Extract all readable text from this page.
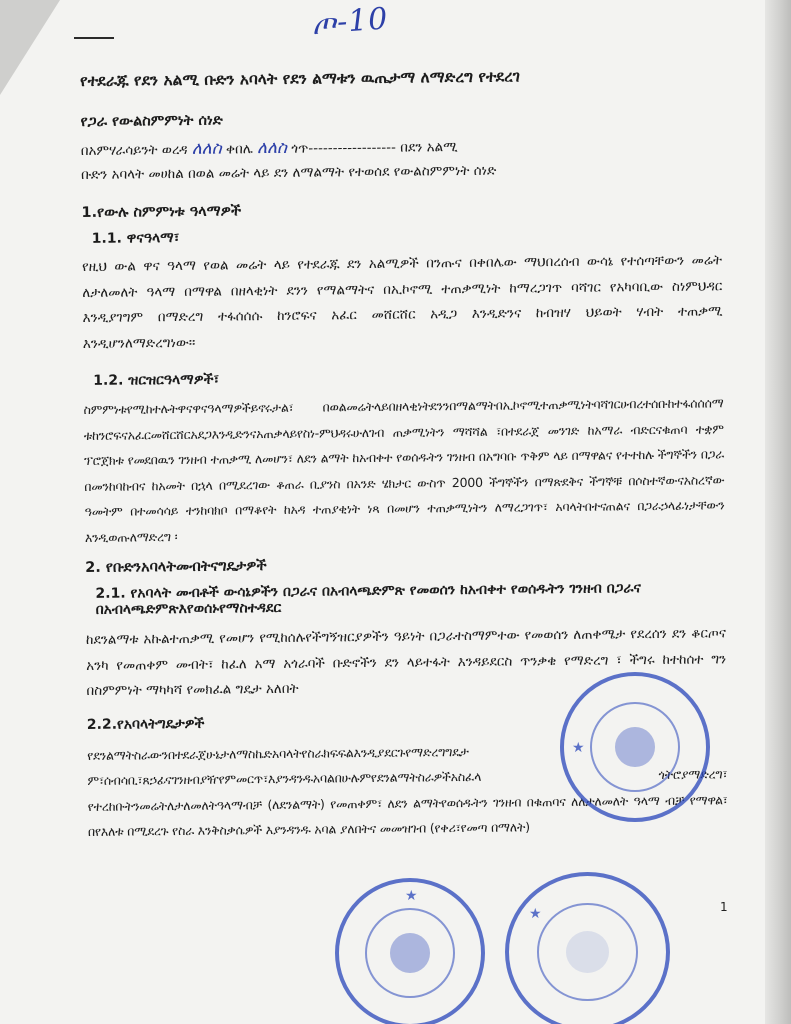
ጦ-10
የተደራጁ የደን አልሚ ቡድን አባላት የደን ልማቱን ዉጤታማ ለማድረግ የተደረገ
የጋራ የውልስምምነት ሰነድ
በአምሃራሳይንት ወረዳ ለለስ ቀበሌ ለለስ ጎጥ------------------ በደን አልሚ
ቡድን አባላት መሀከል በወል መሬት ላይ ደን ለማልማት የተወሰደ የውልስምምነት ሰነድ
1.የውሉ ስምምነቱ ዓላማዎች
1.1. ዋናዓላማ፣
የዚህ ውል ዋና ዓላማ የወል መሬት ላይ የተደራጁ ደን አልሚዎች በንጡና በቀበሌው ማህበረሰብ ውሳኔ የተሰጣቸውን መሬት ለታለመለት ዓላማ በማዋል በዘላቂነት ደንን የማልማትና በኢኮኖሚ ተጠቃሚነት ከማረጋገጥ ባሻገር የአካባቢው ስነምህዳር እንዲያገግም በማድረግ ተፋሰሰሱ ከንሮፍና አፈር መሸርሸር አዲጋ እንዲድንና ከብዝሃ ህይወት ሃብት ተጠቃሚ እንዲሆንለማድረግነው፡፡
1.2. ዝርዝርዓላማዎች፣
ስምምነቱየሚከተሉትዋናዋናዓላማዎችይኖሩታል፣ በወልመሬትላይበዘላቂነትደንንበማልማትበኢኮኖሚተጠቃሚነትባሻገርሀብረተሰቡከተፋሰሰሰማ ቱከንሮፍናአፈርመሸርሸርአደጋእንዲድንናአጠቃላይየስነ-ምህዳሩሁለገብ ጠቃሚነትን ማሻሻል ፣በተደራጀ መንገድ ከአማራ ብድርናቁጠባ ተቋም ፕሮጀክቱ የመደበዉን ገንዘብ ተጠቃሚ ለመሆን፣ ለደን ልማት ከአብቀተ የወሰዱትን ገንዘብ በአግባቡ ጥቅም ላይ በማዋልና የተተከሉ ችግኞችን በጋራ በመንከባከብና ከአመት በኋላ በሚደረገው ቆጠራ ቢያንስ በአንድ ሄክታር ውስጥ 2000 ችግኞችን በማጽደቅና ችግኞቹ በሶስተኛውናአስረኛው ዓመትም በተመሳሳይ ተንከባክቦ በማቆየት ከአዳ ተጠያቂነት ነጻ በመሆን ተጠቃሚነትን ለማረጋገጥ፣ አባላትበተናጠልና በጋራኃላፊነታቸውን እንዲወጡለማድረግ ፡
2. የቡድንአባላትመብትናግዴታዎች
2.1. የአባላት መብቶች ውሳኔዎችን በጋራና በአብላጫድምጽ የመወሰን ከአብቀተ የወሰዱትን ገንዘብ በጋራና በአብላጫድምጽእየወሰኑየማስተዳደር
ከደንልማቱ አኩልተጠቃሚ የመሆን የሚከሰሉየችግኝዝርያዎችን ዓይነት በጋራተስማምተው የመወሰን ለጠቀሜታ የደረሰን ደን ቆርጦና አንካ የመጠቀም መብት፣ ከፈለ አማ አጎራባች ቡድኖችን ደን ላይተፋት እንዳይደርስ ጥንቃቄ የማድረግ ፣ ችግሩ ከተከሰተ ግን በስምምነት ማካካሻ የመክፈል ግዴታ አለበት
2.2.የአባላትግዴታዎች
የደንልማትስራውንበተደራጀሁኔታለማስኬድአባላትየስራክፍፍልእንዲያደርጉየማድረግግዴታ ም፣ሰብሳቢ፣ጸኃፊናገንዘብያዥየምመርጥ፣እያንዳንዱአባልበሁሉምየደንልማትስራዎችአስፈላ ጎትሮያማድረግ፣ የተረከቡትንመሬትለታለመለትዓላማብቻ (ለደንልማት) የመጠቀም፣ ለደን ልማትየወሰዱትን ገንዘብ በቁጠባና ለለታለመለት ዓላማ ብቻ የማዋል፣ በየእለቱ በሚደረጉ የስራ እንቅስቃሴዎች እያንዳንዱ አባል ያለበትና መመዝገብ (የቀሪ፣የመጣ በማለት)
1
★
★
★
